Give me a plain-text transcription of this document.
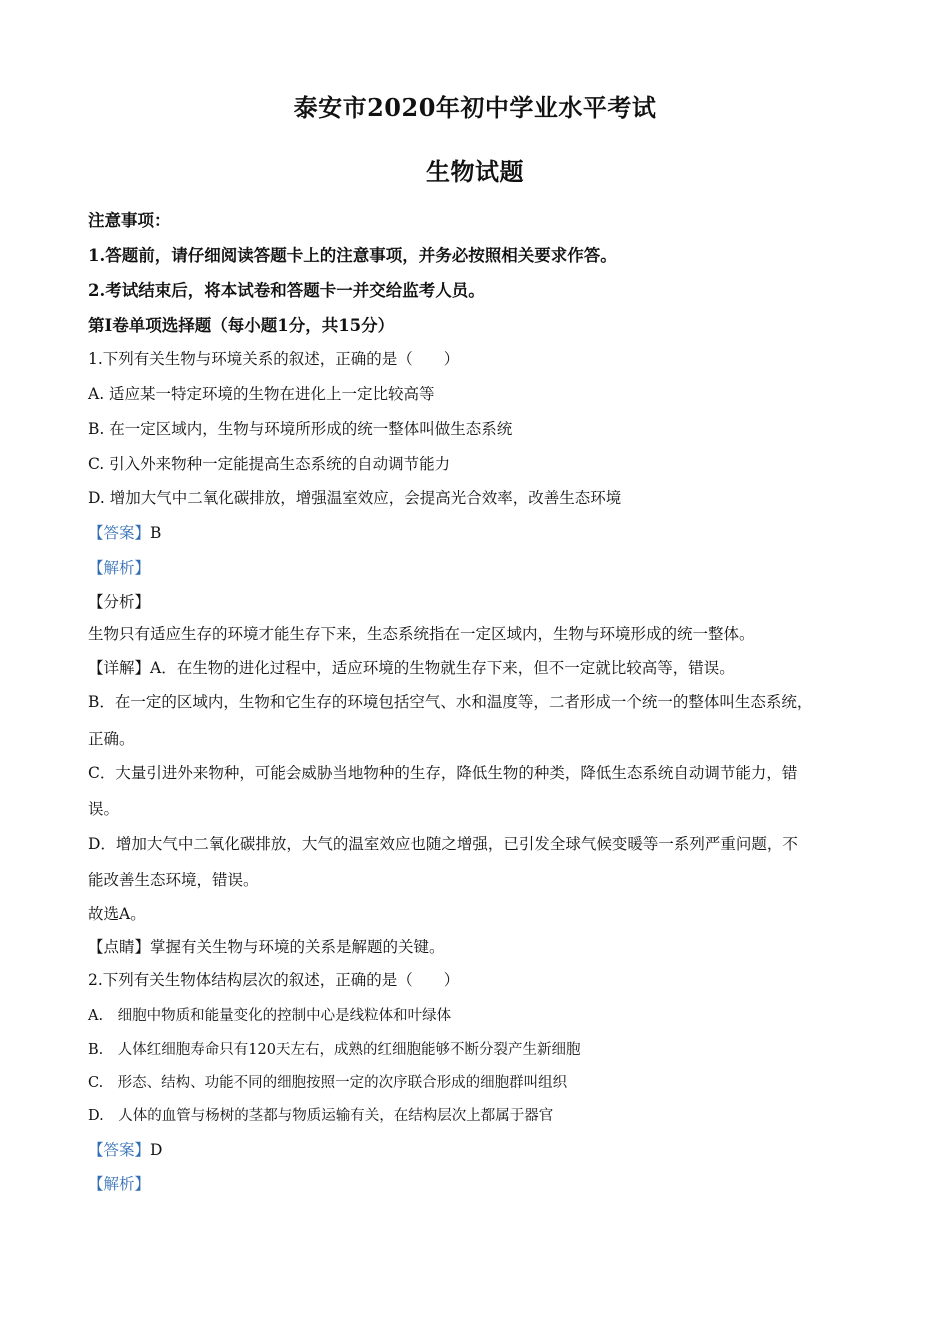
泰安市2020年初中学业水平考试
生物试题
注意事项：
1.答题前，请仔细阅读答题卡上的注意事项，并务必按照相关要求作答。
2.考试结束后，将本试卷和答题卡一并交给监考人员。
第Ⅰ卷单项选择题（每小题1分，共15分）
1.下列有关生物与环境关系的叙述，正确的是（　　）
A. 适应某一特定环境的生物在进化上一定比较高等
B. 在一定区域内，生物与环境所形成的统一整体叫做生态系统
C. 引入外来物种一定能提高生态系统的自动调节能力
D. 增加大气中二氧化碳排放，增强温室效应，会提高光合效率，改善生态环境
【答案】B
【解析】
【分析】
生物只有适应生存的环境才能生存下来，生态系统指在一定区域内，生物与环境形成的统一整体。
【详解】A．在生物的进化过程中，适应环境的生物就生存下来，但不一定就比较高等，错误。
B．在一定的区域内，生物和它生存的环境包括空气、水和温度等，二者形成一个统一的整体叫生态系统，
正确。
C．大量引进外来物种，可能会威胁当地物种的生存，降低生物的种类，降低生态系统自动调节能力，错
误。
D．增加大气中二氧化碳排放，大气的温室效应也随之增强，已引发全球气候变暖等一系列严重问题，不
能改善生态环境，错误。
故选A。
【点睛】掌握有关生物与环境的关系是解题的关键。
2.下列有关生物体结构层次的叙述，正确的是（　　）
A.　细胞中物质和能量变化的控制中心是线粒体和叶绿体
B.　人体红细胞寿命只有120天左右，成熟的红细胞能够不断分裂产生新细胞
C.　形态、结构、功能不同的细胞按照一定的次序联合形成的细胞群叫组织
D.　人体的血管与杨树的茎都与物质运输有关，在结构层次上都属于器官
【答案】D
【解析】
